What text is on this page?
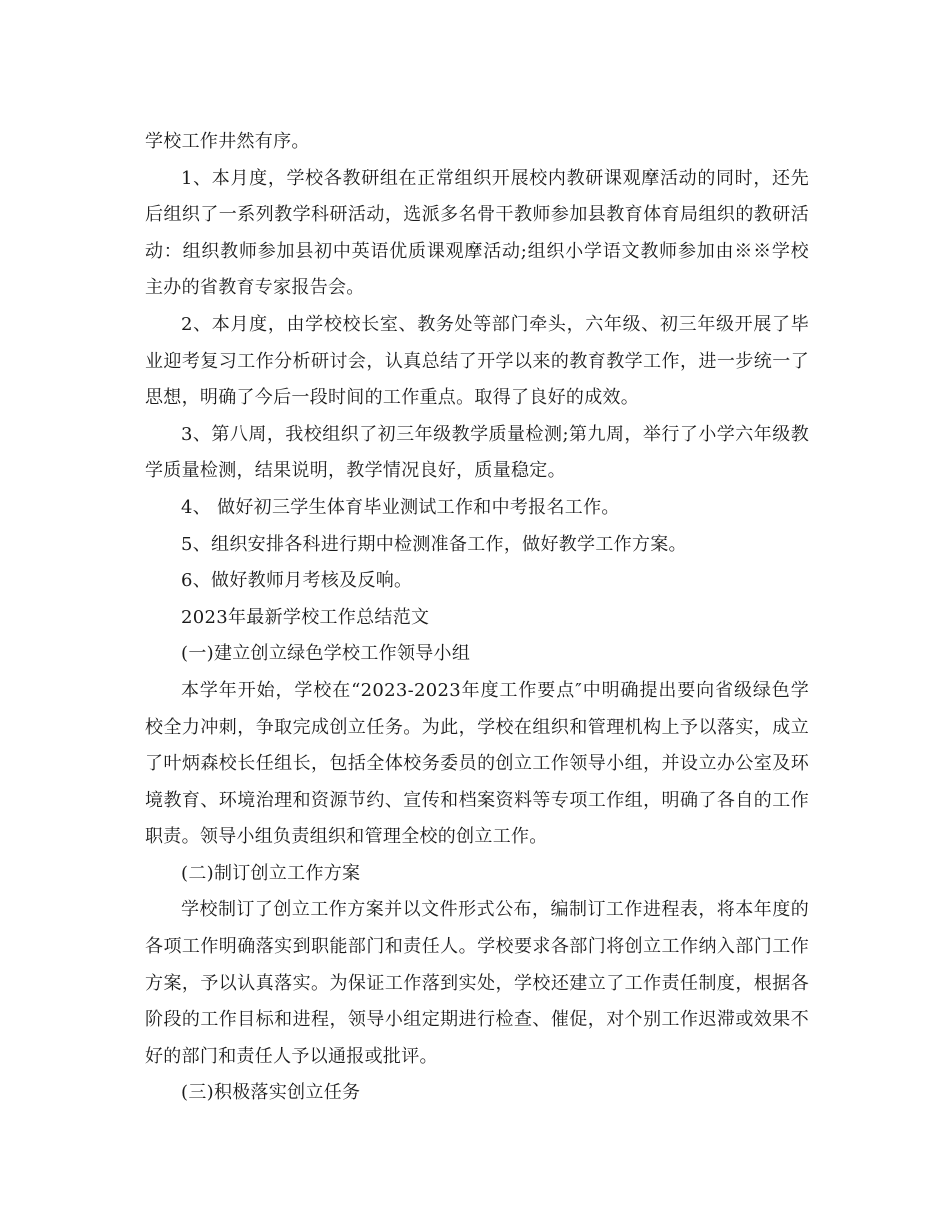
学校工作井然有序。

1、本月度，学校各教研组在正常组织开展校内教研课观摩活动的同时，还先后组织了一系列教学科研活动，选派多名骨干教师参加县教育体育局组织的教研活动：组织教师参加县初中英语优质课观摩活动;组织小学语文教师参加由※※学校主办的省教育专家报告会。

2、本月度，由学校校长室、教务处等部门牵头，六年级、初三年级开展了毕业迎考复习工作分析研讨会，认真总结了开学以来的教育教学工作，进一步统一了思想，明确了今后一段时间的工作重点。取得了良好的成效。

3、第八周，我校组织了初三年级教学质量检测;第九周，举行了小学六年级教学质量检测，结果说明，教学情况良好，质量稳定。

4、 做好初三学生体育毕业测试工作和中考报名工作。

5、组织安排各科进行期中检测准备工作，做好教学工作方案。

6、做好教师月考核及反响。

2023年最新学校工作总结范文

(一)建立创立绿色学校工作领导小组

本学年开始，学校在“2023-2023年度工作要点″中明确提出要向省级绿色学校全力冲刺，争取完成创立任务。为此，学校在组织和管理机构上予以落实，成立了叶炳森校长任组长，包括全体校务委员的创立工作领导小组，并设立办公室及环境教育、环境治理和资源节约、宣传和档案资料等专项工作组，明确了各自的工作职责。领导小组负责组织和管理全校的创立工作。

(二)制订创立工作方案

学校制订了创立工作方案并以文件形式公布，编制订工作进程表，将本年度的各项工作明确落实到职能部门和责任人。学校要求各部门将创立工作纳入部门工作方案，予以认真落实。为保证工作落到实处，学校还建立了工作责任制度，根据各阶段的工作目标和进程，领导小组定期进行检查、催促，对个别工作迟滞或效果不好的部门和责任人予以通报或批评。

(三)积极落实创立任务
